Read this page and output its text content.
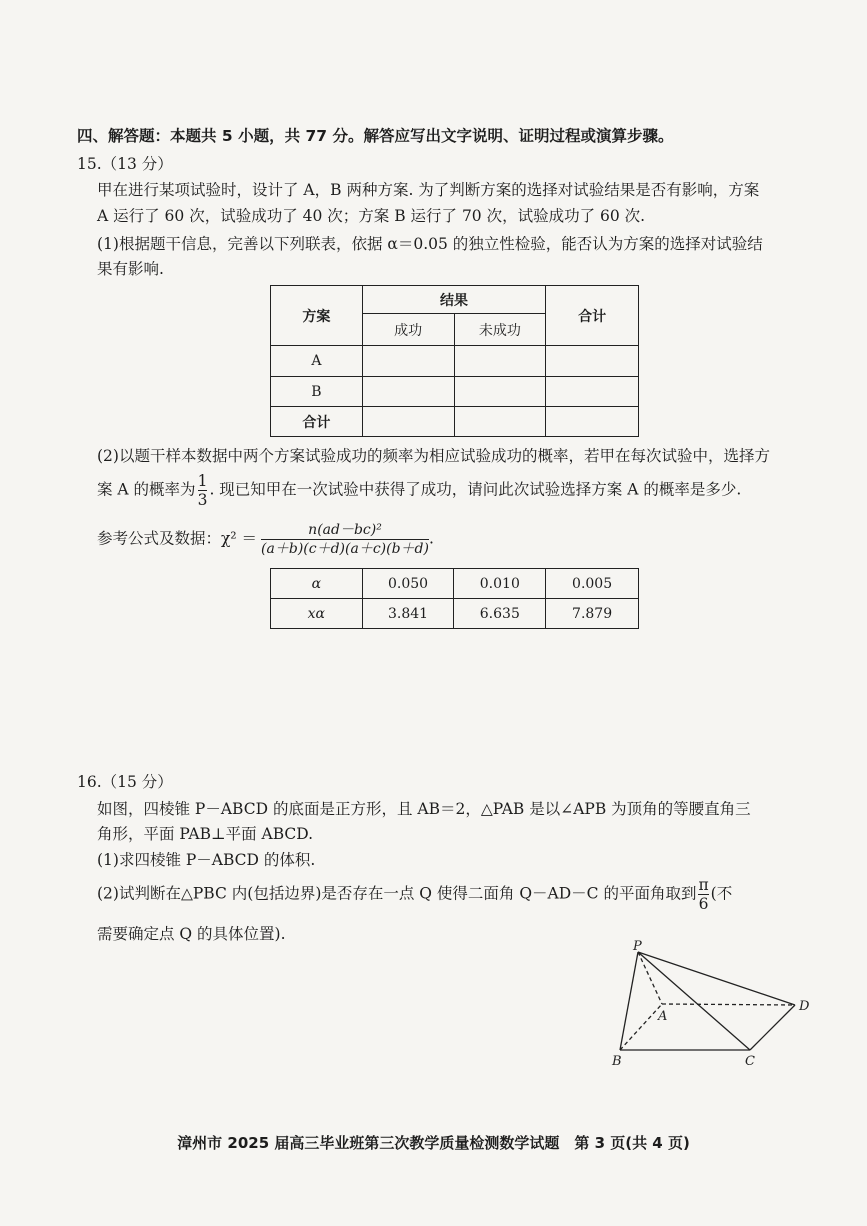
四、解答题：本题共 5 小题，共 77 分。解答应写出文字说明、证明过程或演算步骤。
15.（13 分）
甲在进行某项试验时，设计了 A，B 两种方案. 为了判断方案的选择对试验结果是否有影响，方案
A 运行了 60 次，试验成功了 40 次；方案 B 运行了 70 次，试验成功了 60 次.
(1)根据题干信息，完善以下列联表，依据 α＝0.05 的独立性检验，能否认为方案的选择对试验结
果有影响.
方案	结果		合计
	成功	未成功	
A			
B			
合计			
(2)以题干样本数据中两个方案试验成功的频率为相应试验成功的概率，若甲在每次试验中，选择方
案 A 的概率为 $\frac{1}{3}$ . 现已知甲在一次试验中获得了成功，请问此次试验选择方案 A 的概率是多少.
参考公式及数据：$\chi^2 = \frac{\text{n(ad－bc)²}}{(a+b)(c+d)(a+c)(b+d)}$ .
α	0.050	0.010	0.005
xα	3.841	6.635	7.879
16.（15 分）
如图，四棱锥 P－ABCD 的底面是正方形，且 AB＝2，△PAB 是以∠APB 为顶角的等腰直角三
角形，平面 PAB⊥平面 ABCD.
(1)求四棱锥 P－ABCD 的体积.
(2)试判断在△PBC 内(包括边界)是否存在一点 Q 使得二面角 Q－AD－C 的平面角取到 $\frac{\pi}{6}$ (不
需要确定点 Q 的具体位置).
P
A
B	C
D
漳州市 2025 届高三毕业班第三次教学质量检测数学试题　第 3 页(共 4 页)
